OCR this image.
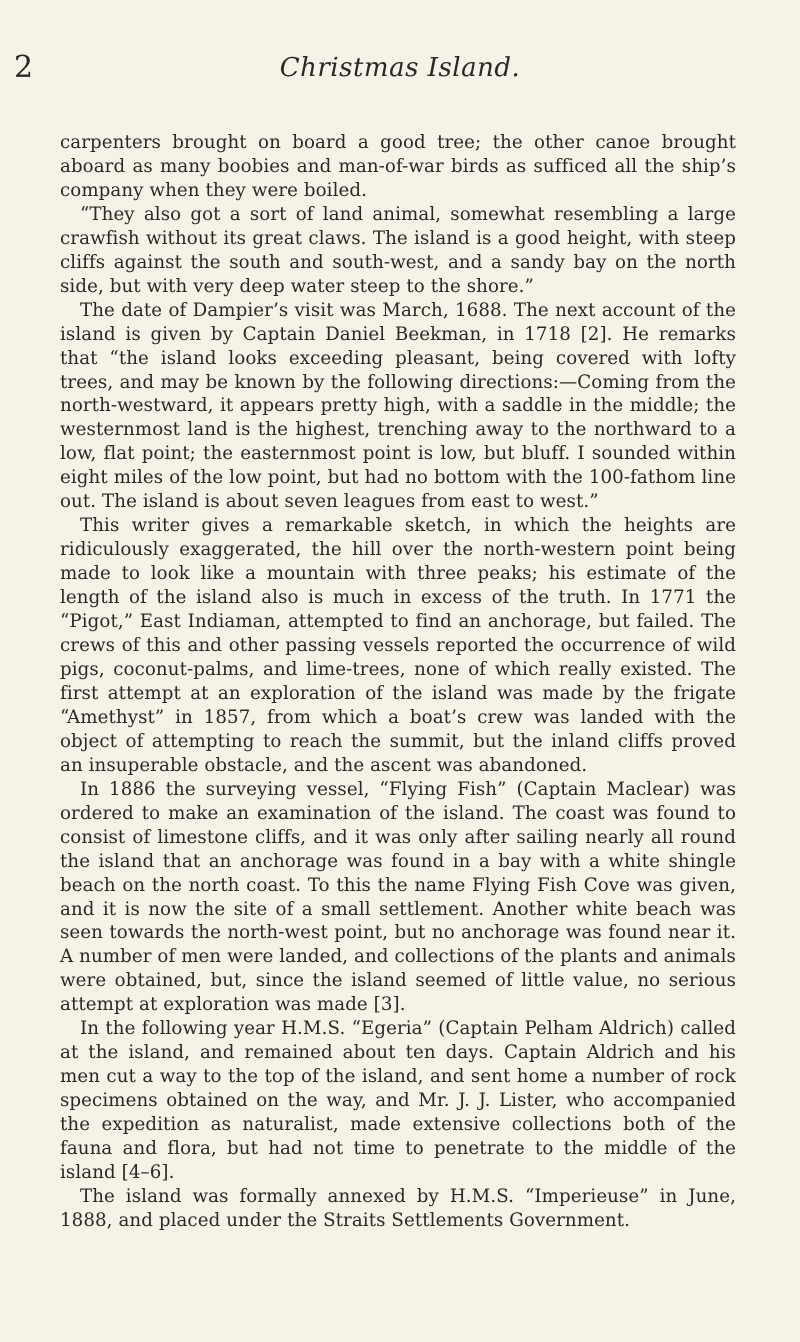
2	Christmas Island.

carpenters brought on board a good tree; the other canoe brought aboard as many boobies and man-of-war birds as sufficed all the ship’s company when they were boiled.

“They also got a sort of land animal, somewhat resembling a large crawfish without its great claws. The island is a good height, with steep cliffs against the south and south-west, and a sandy bay on the north side, but with very deep water steep to the shore.”

The date of Dampier’s visit was March, 1688. The next account of the island is given by Captain Daniel Beekman, in 1718 [2]. He remarks that “the island looks exceeding pleasant, being covered with lofty trees, and may be known by the following directions:—Coming from the north-westward, it appears pretty high, with a saddle in the middle; the westernmost land is the highest, trenching away to the northward to a low, flat point; the easternmost point is low, but bluff. I sounded within eight miles of the low point, but had no bottom with the 100-fathom line out. The island is about seven leagues from east to west.”

This writer gives a remarkable sketch, in which the heights are ridiculously exaggerated, the hill over the north-western point being made to look like a mountain with three peaks; his estimate of the length of the island also is much in excess of the truth. In 1771 the “Pigot,” East Indiaman, attempted to find an anchorage, but failed. The crews of this and other passing vessels reported the occurrence of wild pigs, coconut-palms, and lime-trees, none of which really existed. The first attempt at an exploration of the island was made by the frigate “Amethyst” in 1857, from which a boat’s crew was landed with the object of attempting to reach the summit, but the inland cliffs proved an insuperable obstacle, and the ascent was abandoned.

In 1886 the surveying vessel, “Flying Fish” (Captain Maclear) was ordered to make an examination of the island. The coast was found to consist of limestone cliffs, and it was only after sailing nearly all round the island that an anchorage was found in a bay with a white shingle beach on the north coast. To this the name Flying Fish Cove was given, and it is now the site of a small settlement. Another white beach was seen towards the north-west point, but no anchorage was found near it. A number of men were landed, and collections of the plants and animals were obtained, but, since the island seemed of little value, no serious attempt at exploration was made [3].

In the following year H.M.S. “Egeria” (Captain Pelham Aldrich) called at the island, and remained about ten days. Captain Aldrich and his men cut a way to the top of the island, and sent home a number of rock specimens obtained on the way, and Mr. J. J. Lister, who accompanied the expedition as naturalist, made extensive collections both of the fauna and flora, but had not time to penetrate to the middle of the island [4–6].

The island was formally annexed by H.M.S. “Imperieuse” in June, 1888, and placed under the Straits Settlements Government.
